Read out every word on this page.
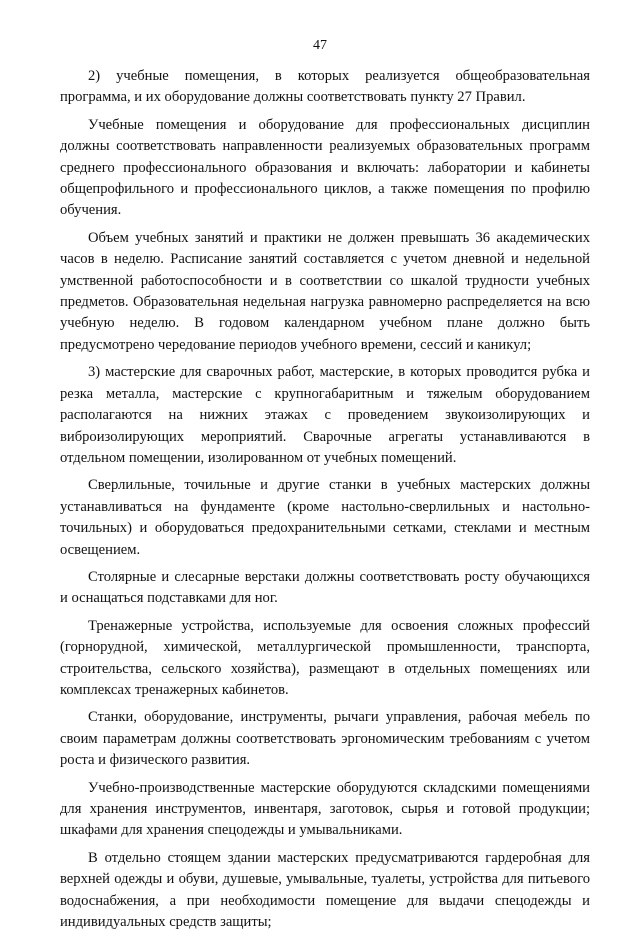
47

2) учебные помещения, в которых реализуется общеобразовательная программа, и их оборудование должны соответствовать пункту 27 Правил.

Учебные помещения и оборудование для профессиональных дисциплин должны соответствовать направленности реализуемых образовательных программ среднего профессионального образования и включать: лаборатории и кабинеты общепрофильного и профессионального циклов, а также помещения по профилю обучения.

Объем учебных занятий и практики не должен превышать 36 академических часов в неделю. Расписание занятий составляется с учетом дневной и недельной умственной работоспособности и в соответствии со шкалой трудности учебных предметов. Образовательная недельная нагрузка равномерно распределяется на всю учебную неделю. В годовом календарном учебном плане должно быть предусмотрено чередование периодов учебного времени, сессий и каникул;

3) мастерские для сварочных работ, мастерские, в которых проводится рубка и резка металла, мастерские с крупногабаритным и тяжелым оборудованием располагаются на нижних этажах с проведением звукоизолирующих и виброизолирующих мероприятий. Сварочные агрегаты устанавливаются в отдельном помещении, изолированном от учебных помещений.

Сверлильные, точильные и другие станки в учебных мастерских должны устанавливаться на фундаменте (кроме настольно-сверлильных и настольно-точильных) и оборудоваться предохранительными сетками, стеклами и местным освещением.

Столярные и слесарные верстаки должны соответствовать росту обучающихся и оснащаться подставками для ног.

Тренажерные устройства, используемые для освоения сложных профессий (горнорудной, химической, металлургической промышленности, транспорта, строительства, сельского хозяйства), размещают в отдельных помещениях или комплексах тренажерных кабинетов.

Станки, оборудование, инструменты, рычаги управления, рабочая мебель по своим параметрам должны соответствовать эргономическим требованиям с учетом роста и физического развития.

Учебно-производственные мастерские оборудуются складскими помещениями для хранения инструментов, инвентаря, заготовок, сырья и готовой продукции; шкафами для хранения спецодежды и умывальниками.

В отдельно стоящем здании мастерских предусматриваются гардеробная для верхней одежды и обуви, душевые, умывальные, туалеты, устройства для питьевого водоснабжения, а при необходимости помещение для выдачи спецодежды и индивидуальных средств защиты;
